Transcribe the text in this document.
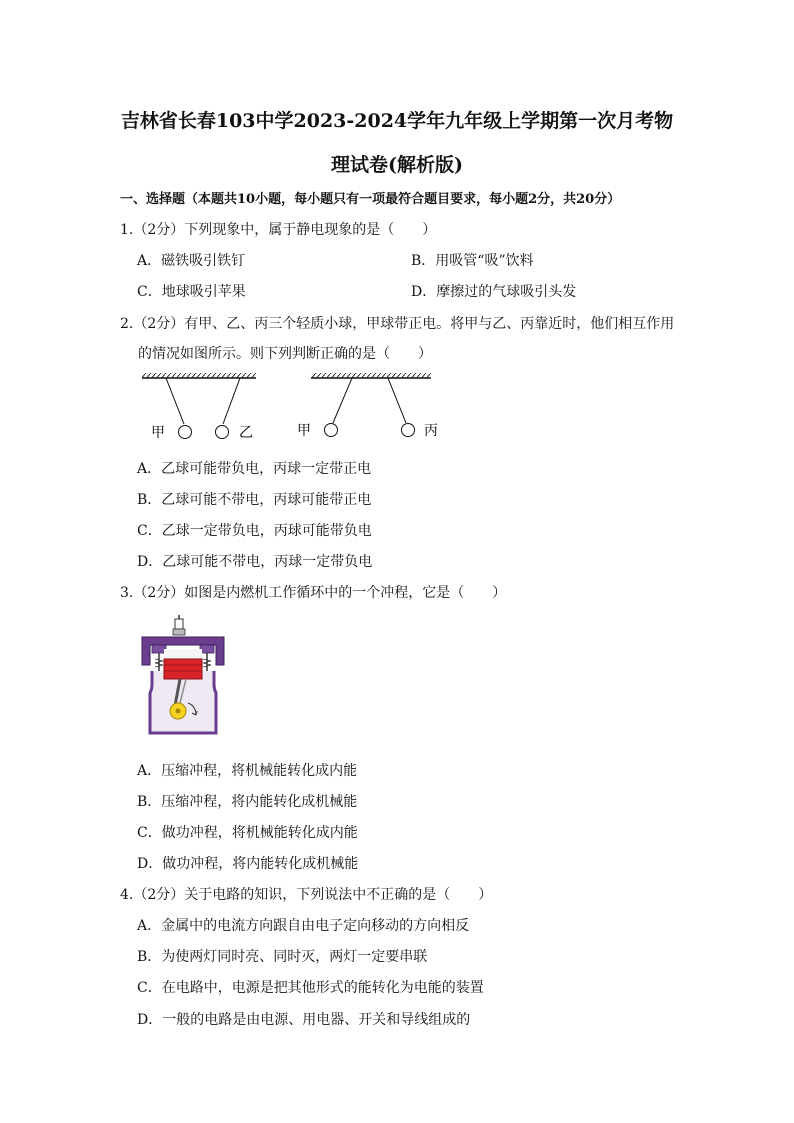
吉林省长春103中学2023-2024学年九年级上学期第一次月考物
理试卷(解析版)
一、选择题（本题共10小题，每小题只有一项最符合题目要求，每小题2分，共20分）
1.（2分）下列现象中，属于静电现象的是（　　）
A．磁铁吸引铁钉	B．用吸管“吸”饮料
C．地球吸引苹果	D．摩擦过的气球吸引头发
2.（2分）有甲、乙、丙三个轻质小球，甲球带正电。将甲与乙、丙靠近时，他们相互作用
的情况如图所示。则下列判断正确的是（　　）
甲	乙	甲	丙
A．乙球可能带负电，丙球一定带正电
B．乙球可能不带电，丙球可能带正电
C．乙球一定带负电，丙球可能带负电
D．乙球可能不带电，丙球一定带负电
3.（2分）如图是内燃机工作循环中的一个冲程，它是（　　）
A．压缩冲程，将机械能转化成内能
B．压缩冲程，将内能转化成机械能
C．做功冲程，将机械能转化成内能
D．做功冲程，将内能转化成机械能
4.（2分）关于电路的知识，下列说法中不正确的是（　　）
A．金属中的电流方向跟自由电子定向移动的方向相反
B．为使两灯同时亮、同时灭，两灯一定要串联
C．在电路中，电源是把其他形式的能转化为电能的装置
D．一般的电路是由电源、用电器、开关和导线组成的
